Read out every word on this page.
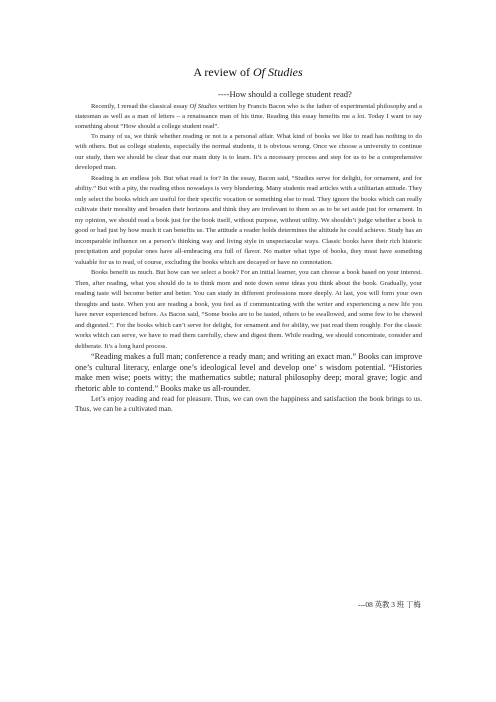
A review of Of Studies
----How should a college student read?

Recently, I reread the classical essay Of Studies written by Francis Bacon who is the father of experimental philosophy and a statesman as well as a man of letters – a renaissance man of his time. Reading this essay benefits me a lot. Today I want to say something about “How should a college student read”.

To many of us, we think whether reading or not is a personal affair. What kind of books we like to read has nothing to do with others. But as college students, especially the normal students, it is obvious wrong. Once we choose a university to continue our study, then we should be clear that our main duty is to learn. It’s a necessary process and step for us to be a comprehensive developed man.

Reading is an endless job. But what read is for? In the essay, Bacon said, “Studies serve for delight, for ornament, and for ability.” But with a pity, the reading ethos nowadays is very blundering. Many students read articles with a utilitarian attitude. They only select the books which are useful for their specific vocation or something else to read. They ignore the books which can really cultivate their morality and broaden their horizons and think they are irrelevant to them so as to be set aside just for ornament. In my opinion, we should read a book just for the book itself, without purpose, without utility. We shouldn’t judge whether a book is good or bad just by how much it can benefits us. The attitude a reader holds determines the altitude he could achieve. Study has an incomparable influence on a person’s thinking way and living style in unspectacular ways. Classic books have their rich historic precipitation and popular ones have all-embracing era full of flavor. No matter what type of books, they must have something valuable for us to read, of course, excluding the books which are decayed or have no connotation.

Books benefit us much. But how can we select a book? For an initial learner, you can choose a book based on your interest. Then, after reading, what you should do is to think more and note down some ideas you think about the book. Gradually, your reading taste will become better and better. You can study in different professions more deeply. At last, you will form your own thoughts and taste. When you are reading a book, you feel as if communicating with the writer and experiencing a new life you have never experienced before. As Bacon said, “Some books are to be tasted, others to be swallowed, and some few to be chewed and digested.”. For the books which can’t serve for delight, for ornament and for ability, we just read them roughly. For the classic works which can serve, we have to read them carefully, chew and digest them. While reading, we should concentrate, consider and deliberate. It’s a long hard process.

“Reading makes a full man; conference a ready man; and writing an exact man.” Books can improve one’s cultural literacy, enlarge one’s ideological level and develop one’ s wisdom potential. “Histories make men wise; poets witty; the mathematics subtle; natural philosophy deep; moral grave; logic and rhetoric able to contend.” Books make us all-rounder.

Let’s enjoy reading and read for pleasure. Thus, we can own the happiness and satisfaction the book brings to us. Thus, we can be a cultivated man.

---08 英教 3 班 丁梅
